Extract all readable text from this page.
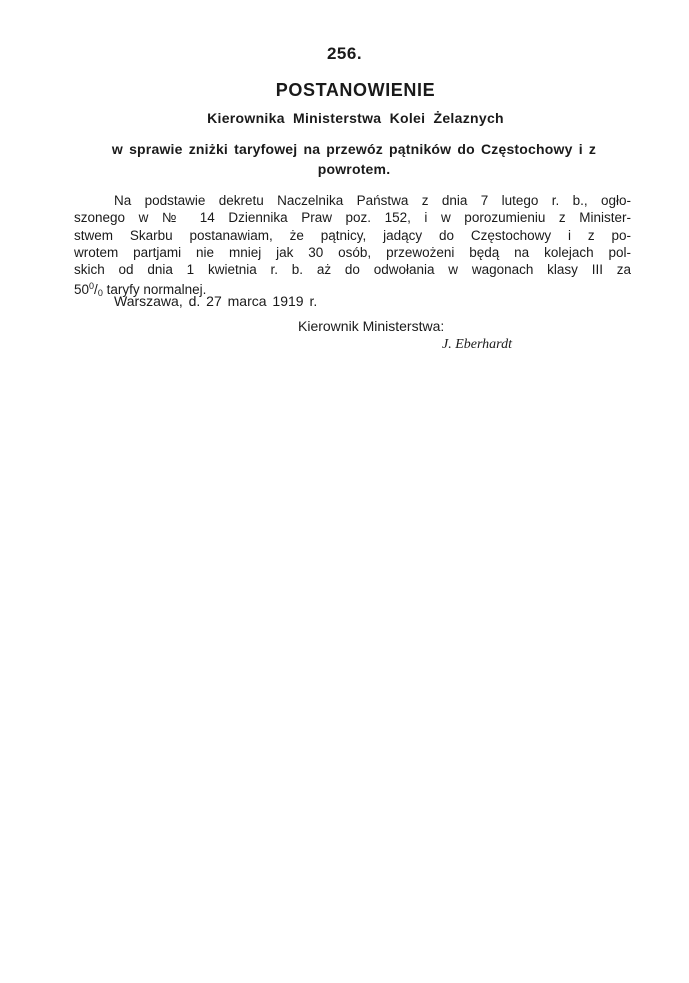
256.
POSTANOWIENIE
Kierownika Ministerstwa Kolei Żelaznych
w sprawie zniżki taryfowej na przewóz pątników do Częstochowy i z powrotem.
Na podstawie dekretu Naczelnika Państwa z dnia 7 lutego r. b., ogło-
szonego w № 14 Dziennika Praw poz. 152, i w porozumieniu z Minister-
stwem Skarbu postanawiam, że pątnicy, jadący do Częstochowy i z po-
wrotem partjami nie mniej jak 30 osób, przewożeni będą na kolejach pol-
skich od dnia 1 kwietnia r. b. aż do odwołania w wagonach klasy III za
$50^0/_0$ taryfy normalnej.
Warszawa, d. 27 marca 1919 r.
Kierownik Ministerstwa:
J. Eberhardt
